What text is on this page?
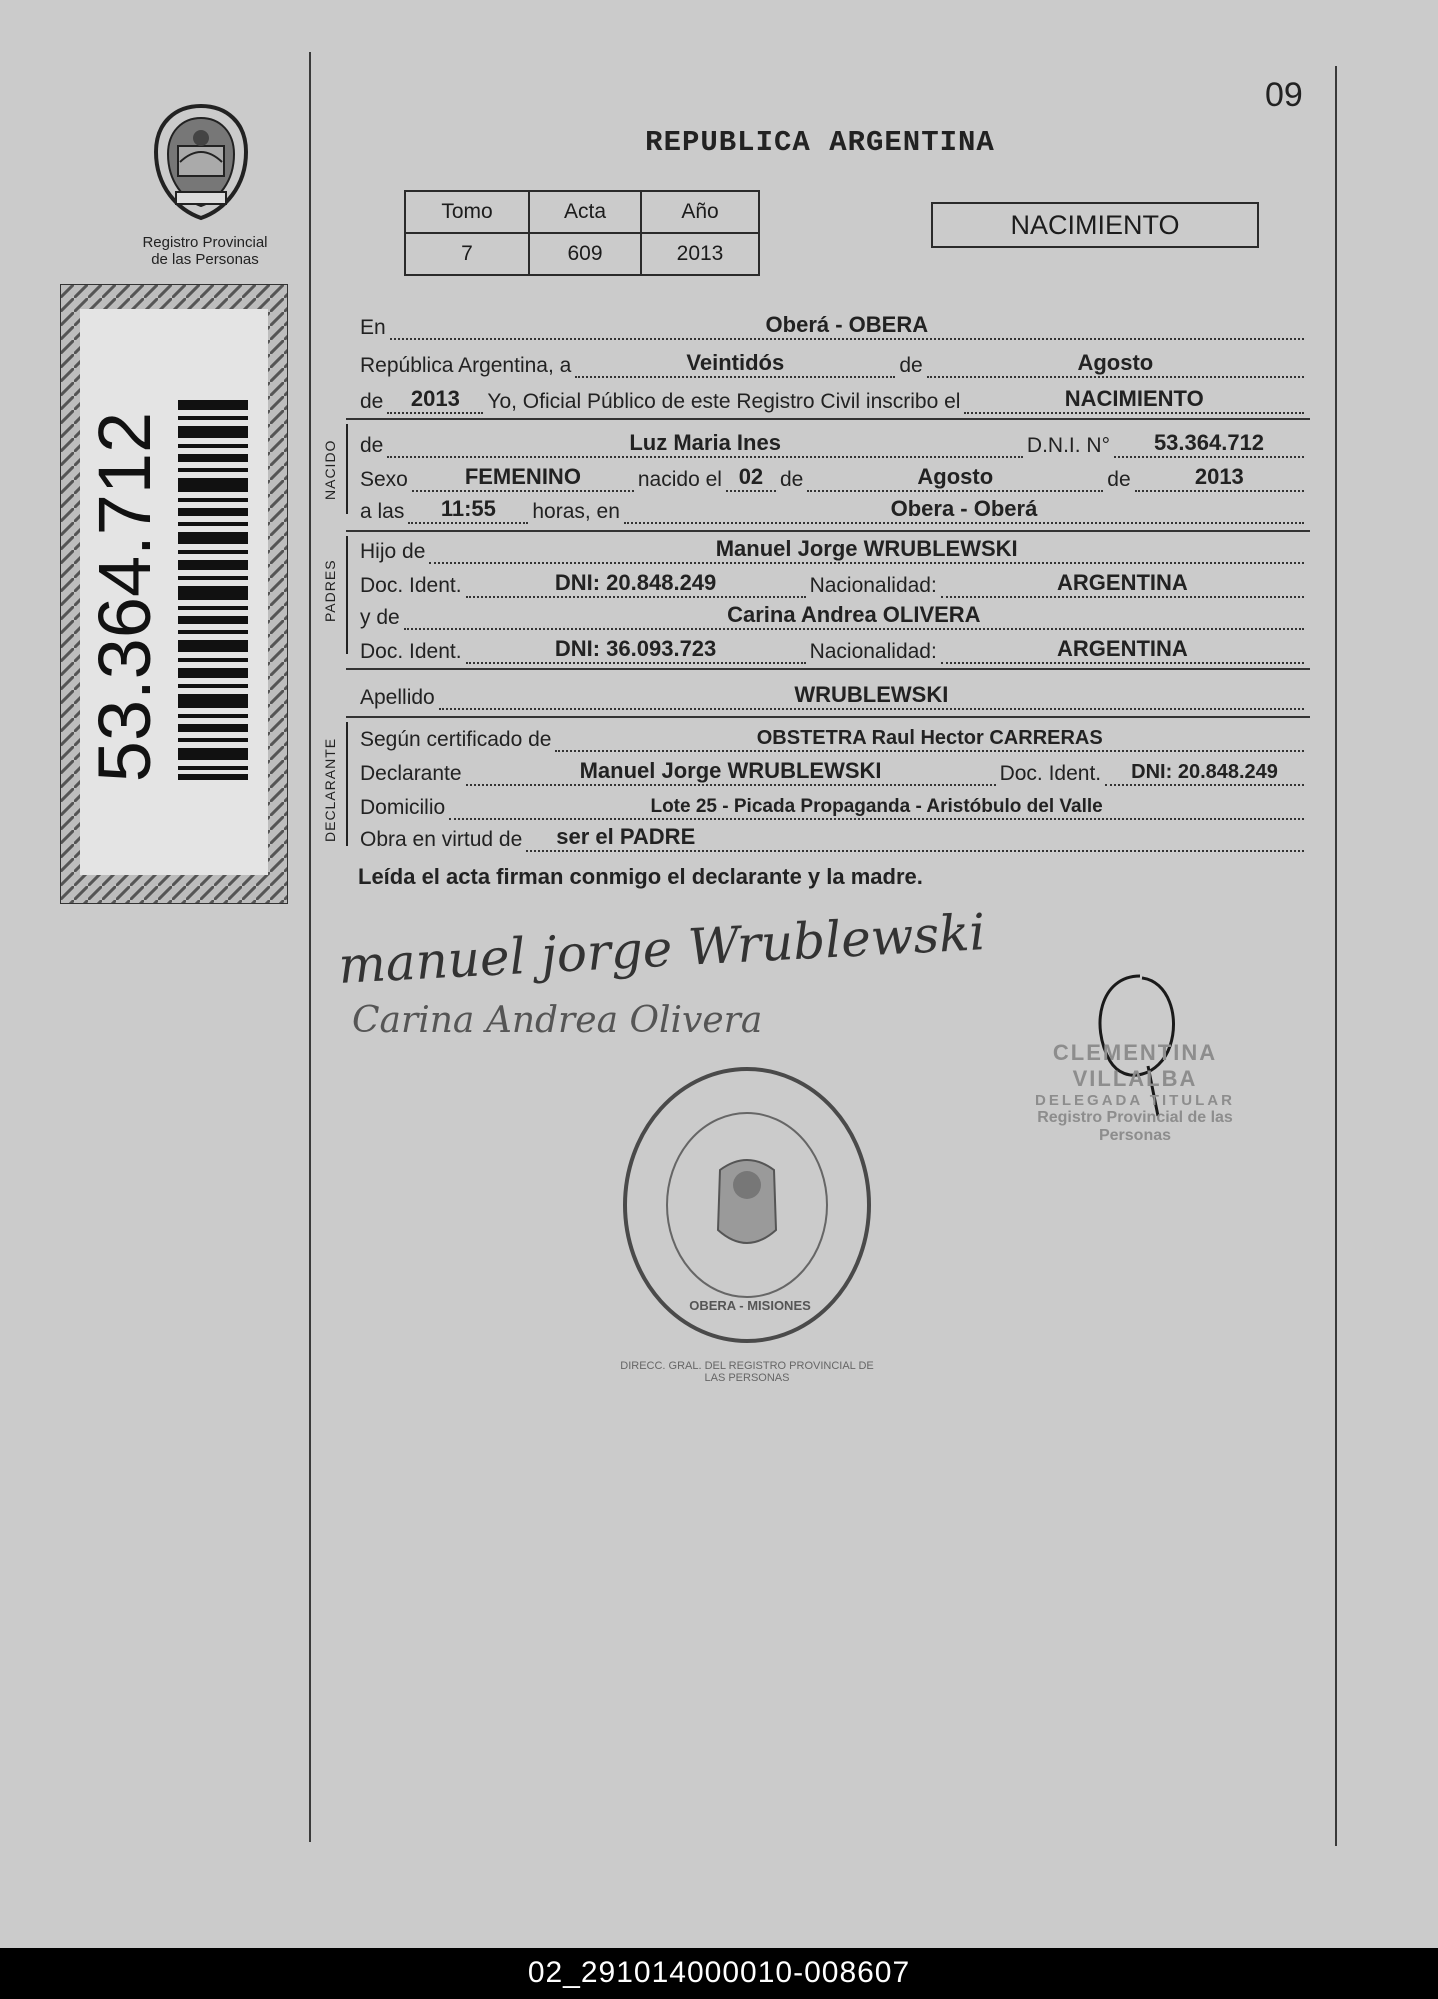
09
REPUBLICA ARGENTINA
Registro Provincial
de las Personas
Tomo	Acta	Año
7	609	2013
NACIMIENTO
53.364.712
En	Oberá - OBERA
República Argentina, a	Veintidós	de	Agosto
de	2013	Yo, Oficial Público de este Registro Civil inscribo el	NACIMIENTO
NACIDO de	Luz Maria Ines	D.N.I. N°	53.364.712
Sexo	FEMENINO	nacido el 02 de	Agosto	de	2013
a las	11:55	horas, en	Obera - Oberá
PADRES
Hijo de	Manuel Jorge WRUBLEWSKI
Doc. Ident.	DNI: 20.848.249	Nacionalidad:	ARGENTINA
y de	Carina Andrea OLIVERA
Doc. Ident.	DNI: 36.093.723	Nacionalidad:	ARGENTINA
Apellido	WRUBLEWSKI
DECLARANTE Según certificado de	OBSTETRA Raul Hector CARRERAS
Declarante	Manuel Jorge WRUBLEWSKI	Doc. Ident.	DNI: 20.848.249
Domicilio	Lote 25 - Picada Propaganda - Aristóbulo del Valle
Obra en virtud de	ser el PADRE
Leída el acta firman conmigo el declarante y la madre.
manuel jorge Wrublewski
Carina Andrea Olivera
CLEMENTINA VILLALBA
DELEGADA TITULAR
Registro Provincial de las Personas
DIRECC. GRAL. DEL REGISTRO PROVINCIAL DE LAS PERSONAS
OBERA - MISIONES
02_291014000010-008607
